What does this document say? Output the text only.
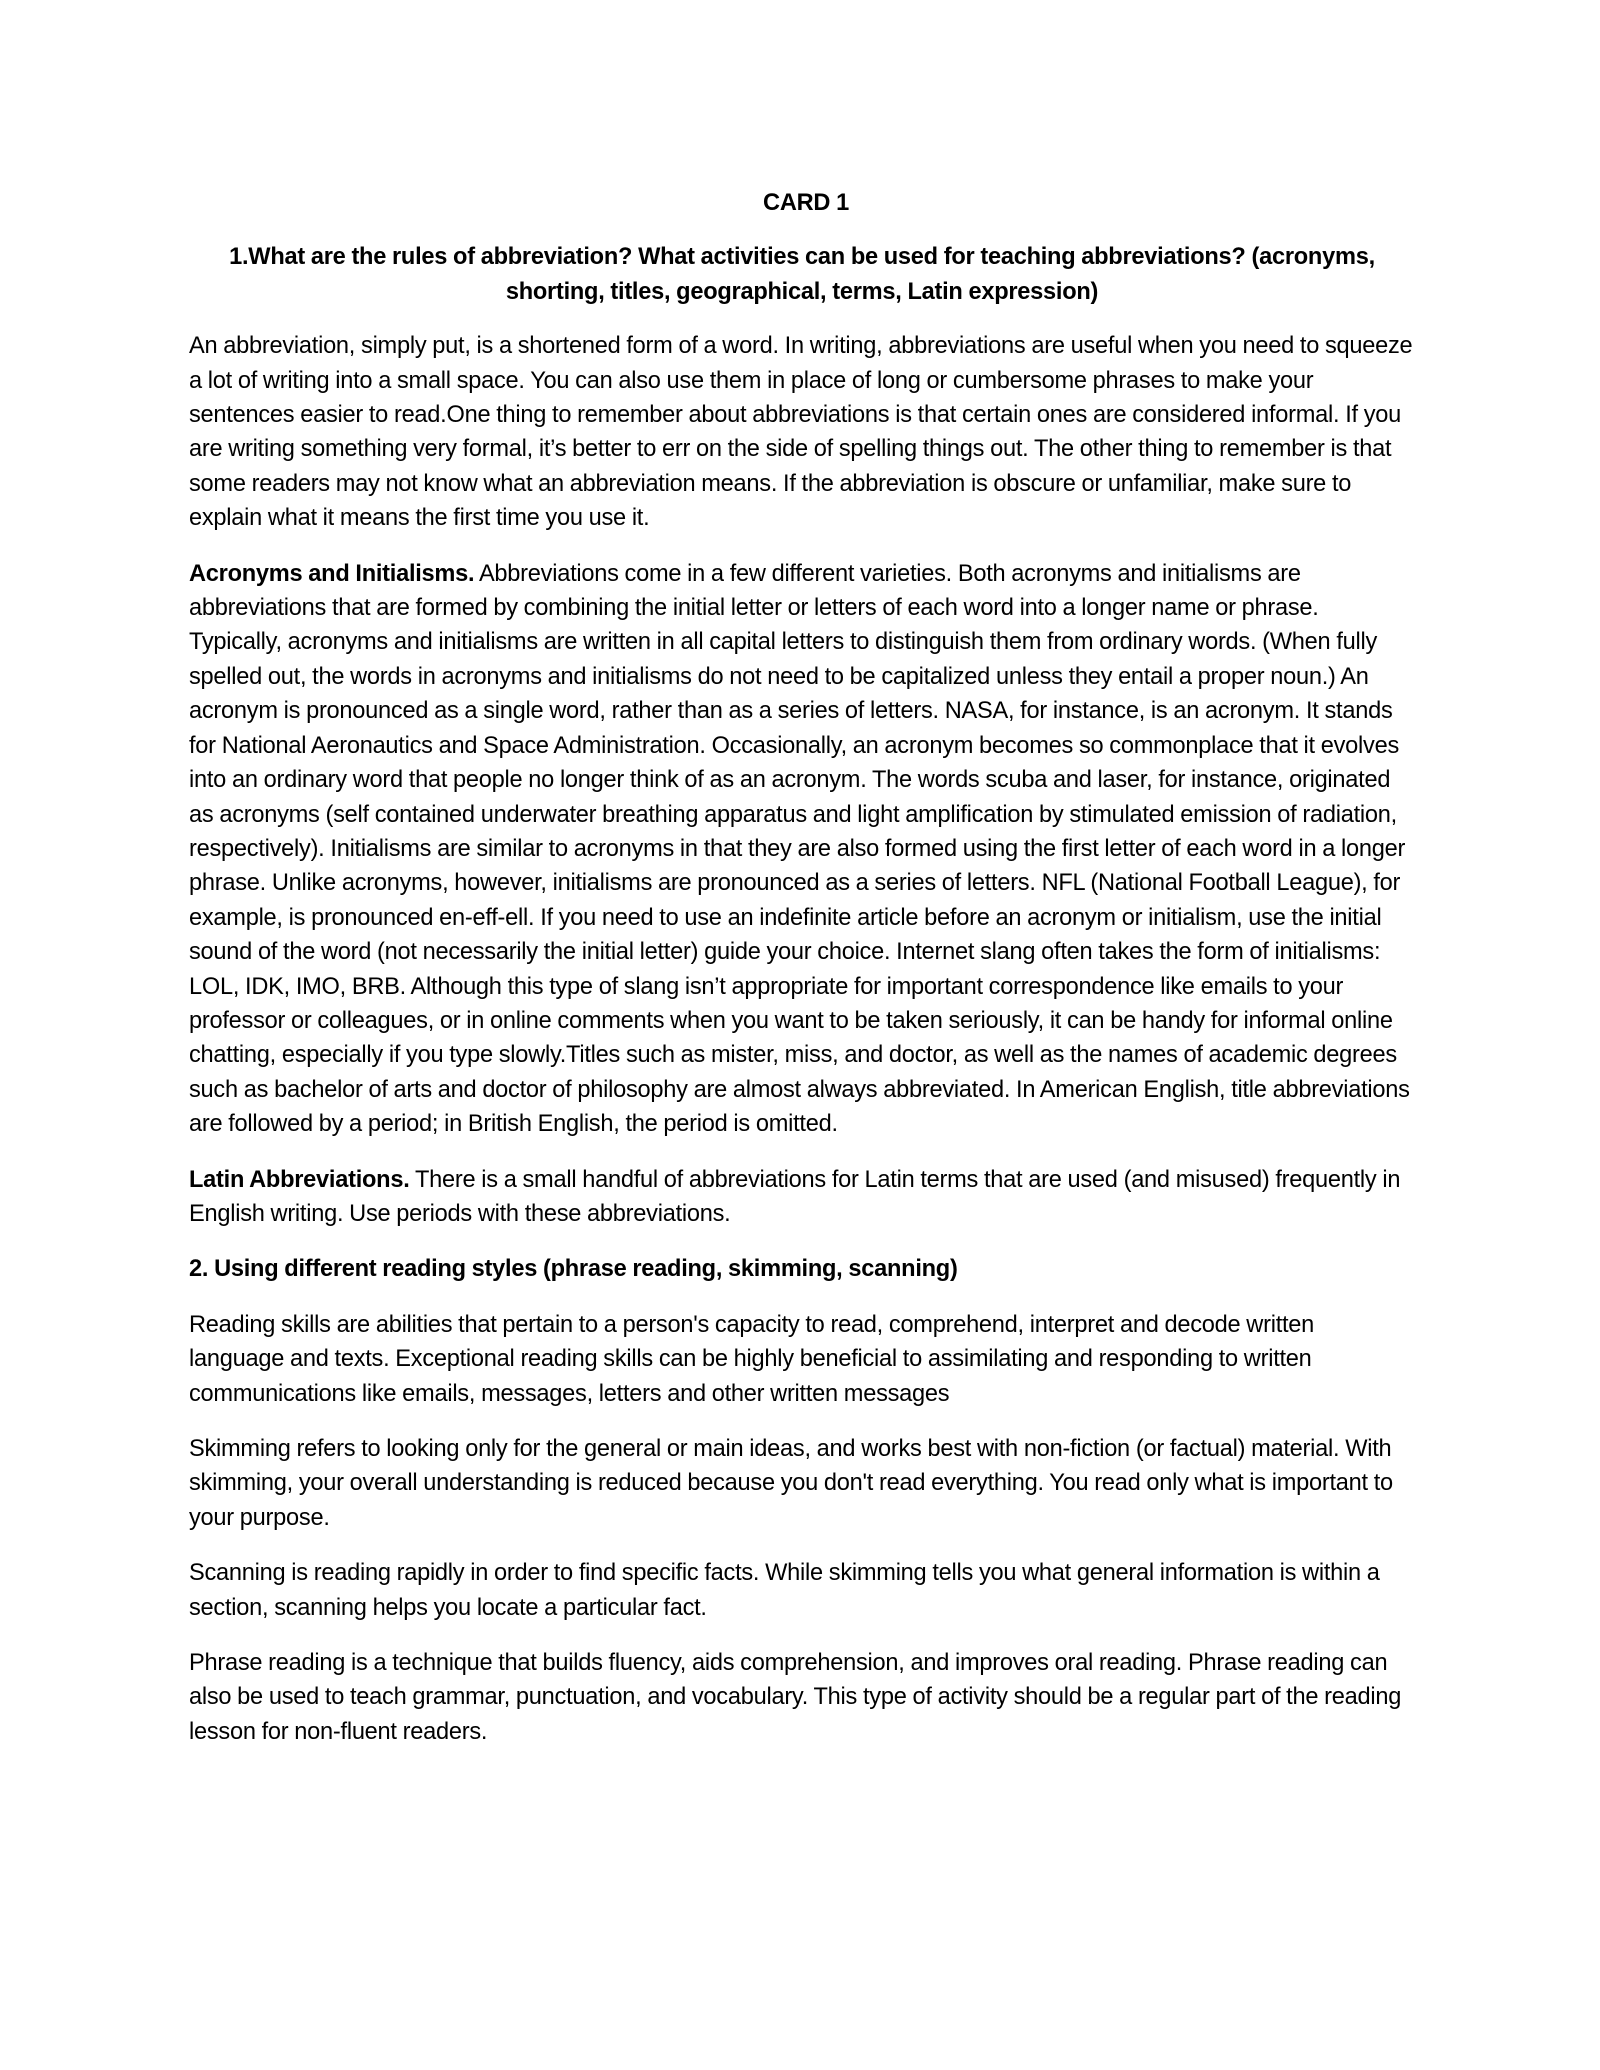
CARD 1
1.What are the rules of abbreviation? What activities can be used for teaching abbreviations? (acronyms, shorting, titles, geographical, terms, Latin expression)

An abbreviation, simply put, is a shortened form of a word. In writing, abbreviations are useful when you need to squeeze a lot of writing into a small space. You can also use them in place of long or cumbersome phrases to make your sentences easier to read.One thing to remember about abbreviations is that certain ones are considered informal. If you are writing something very formal, it’s better to err on the side of spelling things out. The other thing to remember is that some readers may not know what an abbreviation means. If the abbreviation is obscure or unfamiliar, make sure to explain what it means the first time you use it.

Acronyms and Initialisms. Abbreviations come in a few different varieties. Both acronyms and initialisms are abbreviations that are formed by combining the initial letter or letters of each word into a longer name or phrase. Typically, acronyms and initialisms are written in all capital letters to distinguish them from ordinary words. (When fully spelled out, the words in acronyms and initialisms do not need to be capitalized unless they entail a proper noun.) An acronym is pronounced as a single word, rather than as a series of letters. NASA, for instance, is an acronym. It stands for National Aeronautics and Space Administration. Occasionally, an acronym becomes so commonplace that it evolves into an ordinary word that people no longer think of as an acronym. The words scuba and laser, for instance, originated as acronyms (self contained underwater breathing apparatus and light amplification by stimulated emission of radiation, respectively). Initialisms are similar to acronyms in that they are also formed using the first letter of each word in a longer phrase. Unlike acronyms, however, initialisms are pronounced as a series of letters. NFL (National Football League), for example, is pronounced en-eff-ell. If you need to use an indefinite article before an acronym or initialism, use the initial sound of the word (not necessarily the initial letter) guide your choice. Internet slang often takes the form of initialisms: LOL, IDK, IMO, BRB. Although this type of slang isn’t appropriate for important correspondence like emails to your professor or colleagues, or in online comments when you want to be taken seriously, it can be handy for informal online chatting, especially if you type slowly.Titles such as mister, miss, and doctor, as well as the names of academic degrees such as bachelor of arts and doctor of philosophy are almost always abbreviated. In American English, title abbreviations are followed by a period; in British English, the period is omitted.

Latin Abbreviations. There is a small handful of abbreviations for Latin terms that are used (and misused) frequently in English writing. Use periods with these abbreviations.

2. Using different reading styles (phrase reading, skimming, scanning)

Reading skills are abilities that pertain to a person's capacity to read, comprehend, interpret and decode written language and texts. Exceptional reading skills can be highly beneficial to assimilating and responding to written communications like emails, messages, letters and other written messages

Skimming refers to looking only for the general or main ideas, and works best with non-fiction (or factual) material. With skimming, your overall understanding is reduced because you don't read everything. You read only what is important to your purpose.

Scanning is reading rapidly in order to find specific facts. While skimming tells you what general information is within a section, scanning helps you locate a particular fact.

Phrase reading is a technique that builds fluency, aids comprehension, and improves oral reading. Phrase reading can also be used to teach grammar, punctuation, and vocabulary. This type of activity should be a regular part of the reading lesson for non-fluent readers.
